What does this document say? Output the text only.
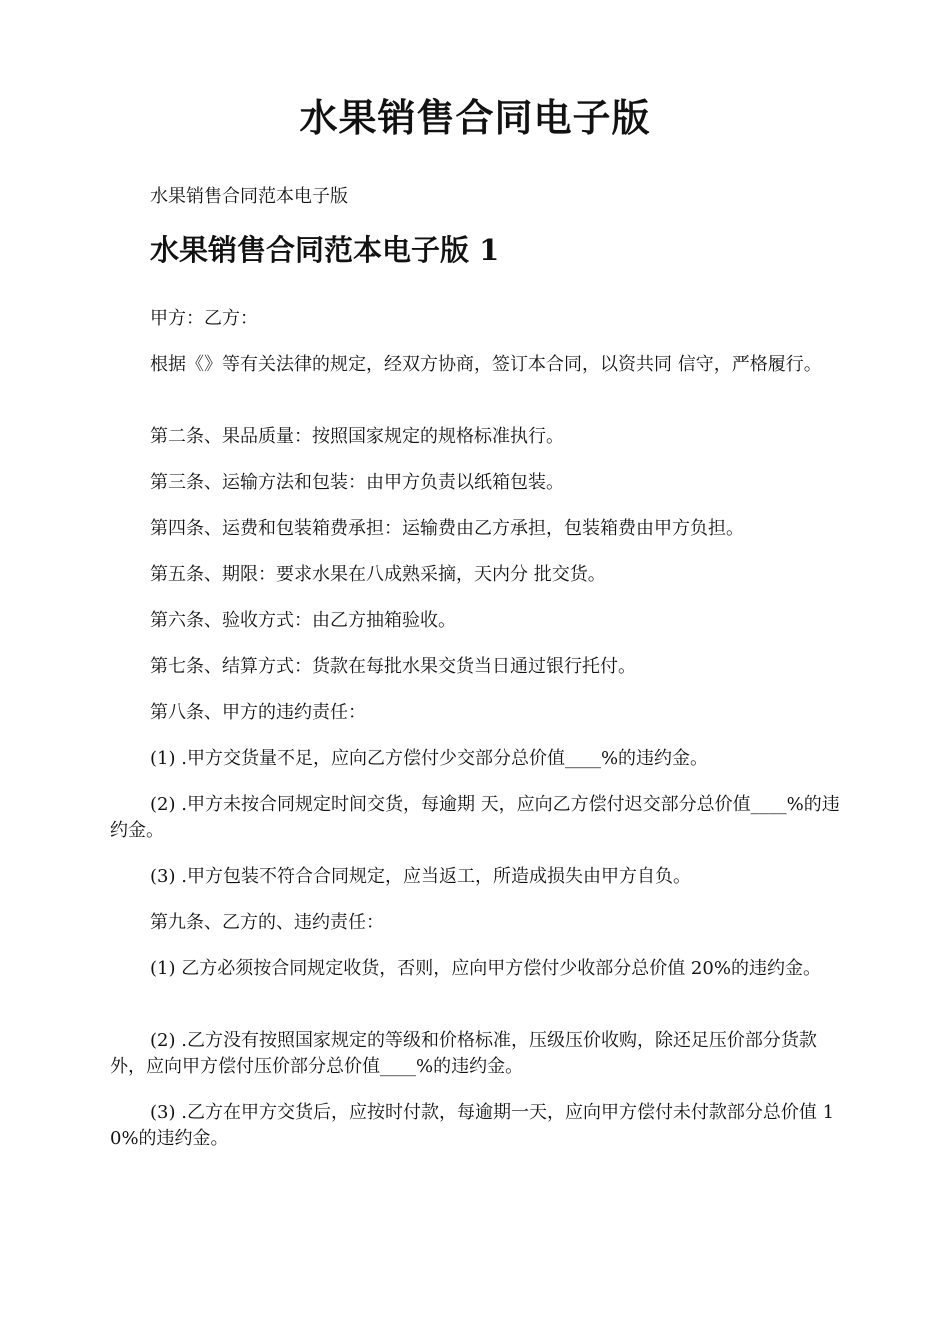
水果销售合同电子版

水果销售合同范本电子版

水果销售合同范本电子版 1

甲方：乙方：

根据《》等有关法律的规定，经双方协商，签订本合同，以资共同 信守，严格履行。

第二条、果品质量：按照国家规定的规格标准执行。

第三条、运输方法和包装：由甲方负责以纸箱包装。

第四条、运费和包装箱费承担：运输费由乙方承担，包装箱费由甲方负担。

第五条、期限：要求水果在八成熟采摘，天内分 批交货。

第六条、验收方式：由乙方抽箱验收。

第七条、结算方式：货款在每批水果交货当日通过银行托付。

第八条、甲方的违约责任：

(1) .甲方交货量不足，应向乙方偿付少交部分总价值____%的违约金。

(2) .甲方未按合同规定时间交货，每逾期 天，应向乙方偿付迟交部分总价值____%的违约金。

(3) .甲方包装不符合合同规定，应当返工，所造成损失由甲方自负。

第九条、乙方的、违约责任：

(1) 乙方必须按合同规定收货，否则，应向甲方偿付少收部分总价值 20%的违约金。

(2) .乙方没有按照国家规定的等级和价格标准，压级压价收购，除还足压价部分货款外，应向甲方偿付压价部分总价值____%的违约金。

(3) .乙方在甲方交货后，应按时付款，每逾期一天，应向甲方偿付未付款部分总价值 10%的违约金。
